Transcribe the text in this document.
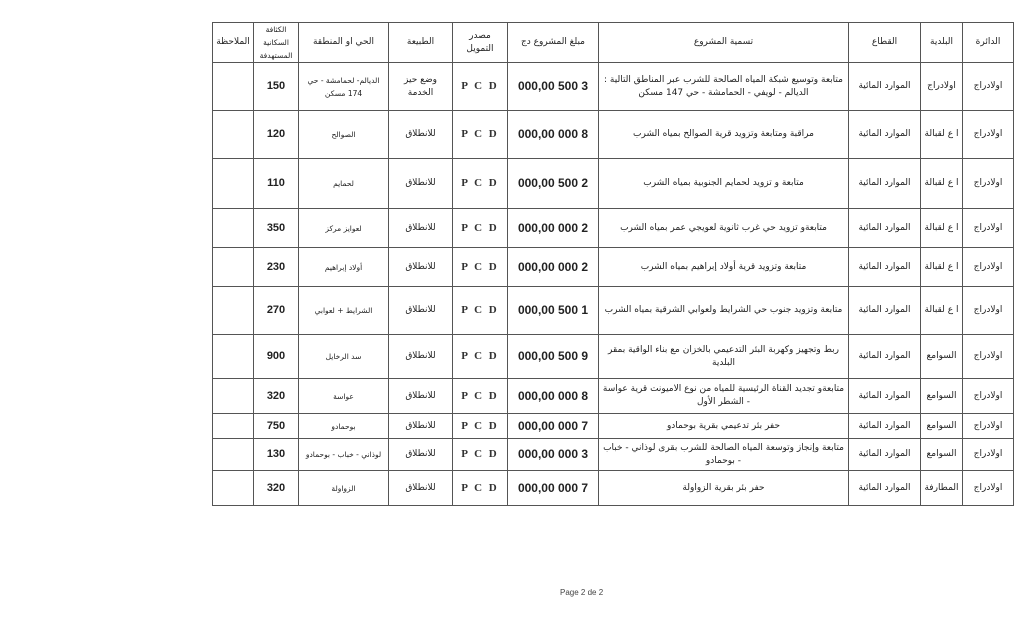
الدائرة	البلدية	القطاع	تسمية المشروع	مبلغ المشروع دج	مصدر التمويل	الطبيعة	الحي او المنطقة	الكثافة السكانية المستهدفة	الملاحظة
اولادراج	اولادراج	الموارد المائية	متابعة وتوسيع شبكة المياه الصالحة للشرب عبر المناطق التالية : الديالم - لويفي - الحمامشة - حي 147 مسكن	3 500 000,00	P C D	وضع حيز الخدمة	الديالم- لحمامشة - حي 174 مسكن	150	
اولادراج	ا ع لقبالة	الموارد المائية	مراقبة ومتابعة وتزويد قرية الصوالح بمياه الشرب	8 000 000,00	P C D	للانطلاق	الصوالح	120	
اولادراج	ا ع لقبالة	الموارد المائية	متابعة و تزويد لحمايم الجنوبية بمياه الشرب	2 500 000,00	P C D	للانطلاق	لحمايم	110	
اولادراج	ا ع لقبالة	الموارد المائية	متابعةو تزويد حي غرب ثانوية لعويجي عمر بمياه الشرب	2 000 000,00	P C D	للانطلاق	لعوايز مركز	350	
اولادراج	ا ع لقبالة	الموارد المائية	متابعة وتزويد قرية أولاد إبراهيم بمياه الشرب	2 000 000,00	P C D	للانطلاق	أولاد إبراهيم	230	
اولادراج	ا ع لقبالة	الموارد المائية	متابعة وتزويد جنوب حي الشرايط ولعوابي الشرقية بمياه الشرب	1 500 000,00	P C D	للانطلاق	الشرايط + لعوابي	270	
اولادراج	السوامع	الموارد المائية	ربط وتجهيز وكهربة البئر التدعيمي بالخزان مع بناء الواقية بمقر البلدية	9 500 000,00	P C D	للانطلاق	سد الرخايل	900	
اولادراج	السوامع	الموارد المائية	متابعةو تجديد القناة الرئيسية للمياه من نوع الاميونت قرية عواسة - الشطر الأول	8 000 000,00	P C D	للانطلاق	عواسة	320	
اولادراج	السوامع	الموارد المائية	حفر بئر تدعيمي بقرية بوحمادو	7 000 000,00	P C D	للانطلاق	بوحمادو	750	
اولادراج	السوامع	الموارد المائية	متابعة وإنجاز وتوسعة المياه الصالحة للشرب بقرى لوذاني - خباب - بوحمادو	3 000 000,00	P C D	للانطلاق	لوذاني - خباب - بوحمادو	130	
اولادراج	المطارفة	الموارد المائية	حفر بئر بقرية الزواولة	7 000 000,00	P C D	للانطلاق	الزواولة	320	
Page 2 de 2
